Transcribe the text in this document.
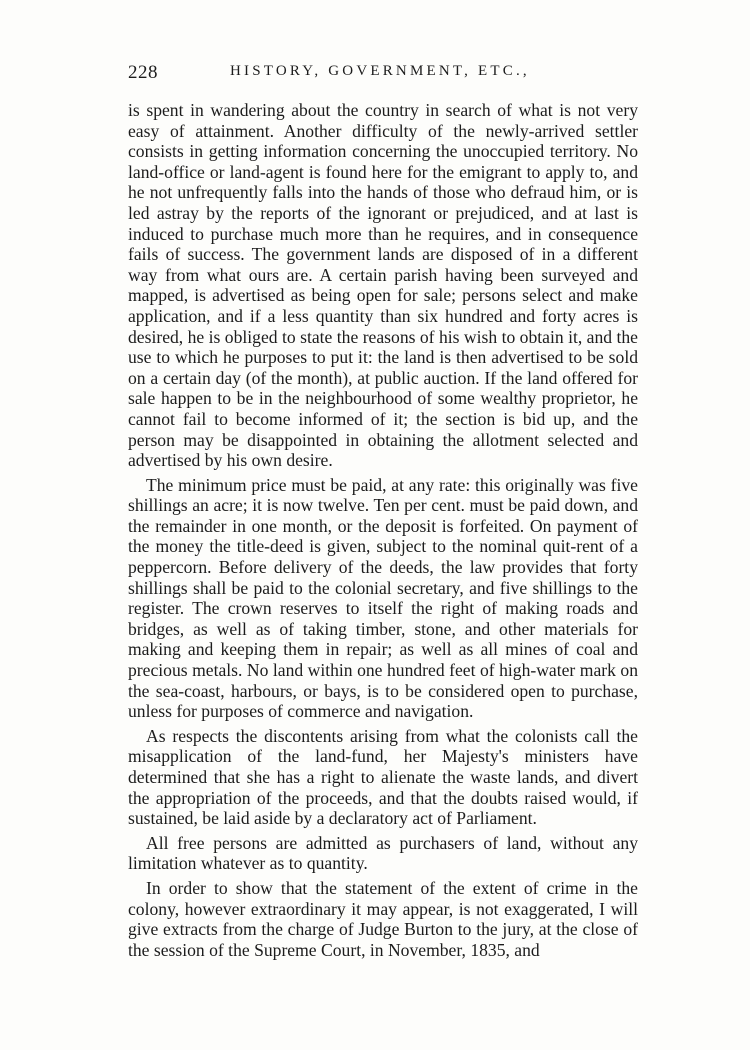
228	HISTORY, GOVERNMENT, ETC.,

is spent in wandering about the country in search of what is not very easy of attainment. Another difficulty of the newly-arrived settler consists in getting information concerning the unoccupied territory. No land-office or land-agent is found here for the emigrant to apply to, and he not unfrequently falls into the hands of those who defraud him, or is led astray by the reports of the ignorant or prejudiced, and at last is induced to purchase much more than he requires, and in consequence fails of success. The government lands are disposed of in a different way from what ours are. A certain parish having been surveyed and mapped, is advertised as being open for sale; persons select and make application, and if a less quantity than six hundred and forty acres is desired, he is obliged to state the reasons of his wish to obtain it, and the use to which he purposes to put it: the land is then advertised to be sold on a certain day (of the month), at public auction. If the land offered for sale happen to be in the neighbourhood of some wealthy proprietor, he cannot fail to become informed of it; the section is bid up, and the person may be disappointed in obtaining the allotment selected and advertised by his own desire.

The minimum price must be paid, at any rate: this originally was five shillings an acre; it is now twelve. Ten per cent. must be paid down, and the remainder in one month, or the deposit is forfeited. On payment of the money the title-deed is given, subject to the nominal quit-rent of a peppercorn. Before delivery of the deeds, the law provides that forty shillings shall be paid to the colonial secretary, and five shillings to the register. The crown reserves to itself the right of making roads and bridges, as well as of taking timber, stone, and other materials for making and keeping them in repair; as well as all mines of coal and precious metals. No land within one hundred feet of high-water mark on the sea-coast, harbours, or bays, is to be considered open to purchase, unless for purposes of commerce and navigation.

As respects the discontents arising from what the colonists call the misapplication of the land-fund, her Majesty's ministers have determined that she has a right to alienate the waste lands, and divert the appropriation of the proceeds, and that the doubts raised would, if sustained, be laid aside by a declaratory act of Parliament.

All free persons are admitted as purchasers of land, without any limitation whatever as to quantity.

In order to show that the statement of the extent of crime in the colony, however extraordinary it may appear, is not exaggerated, I will give extracts from the charge of Judge Burton to the jury, at the close of the session of the Supreme Court, in November, 1835, and
